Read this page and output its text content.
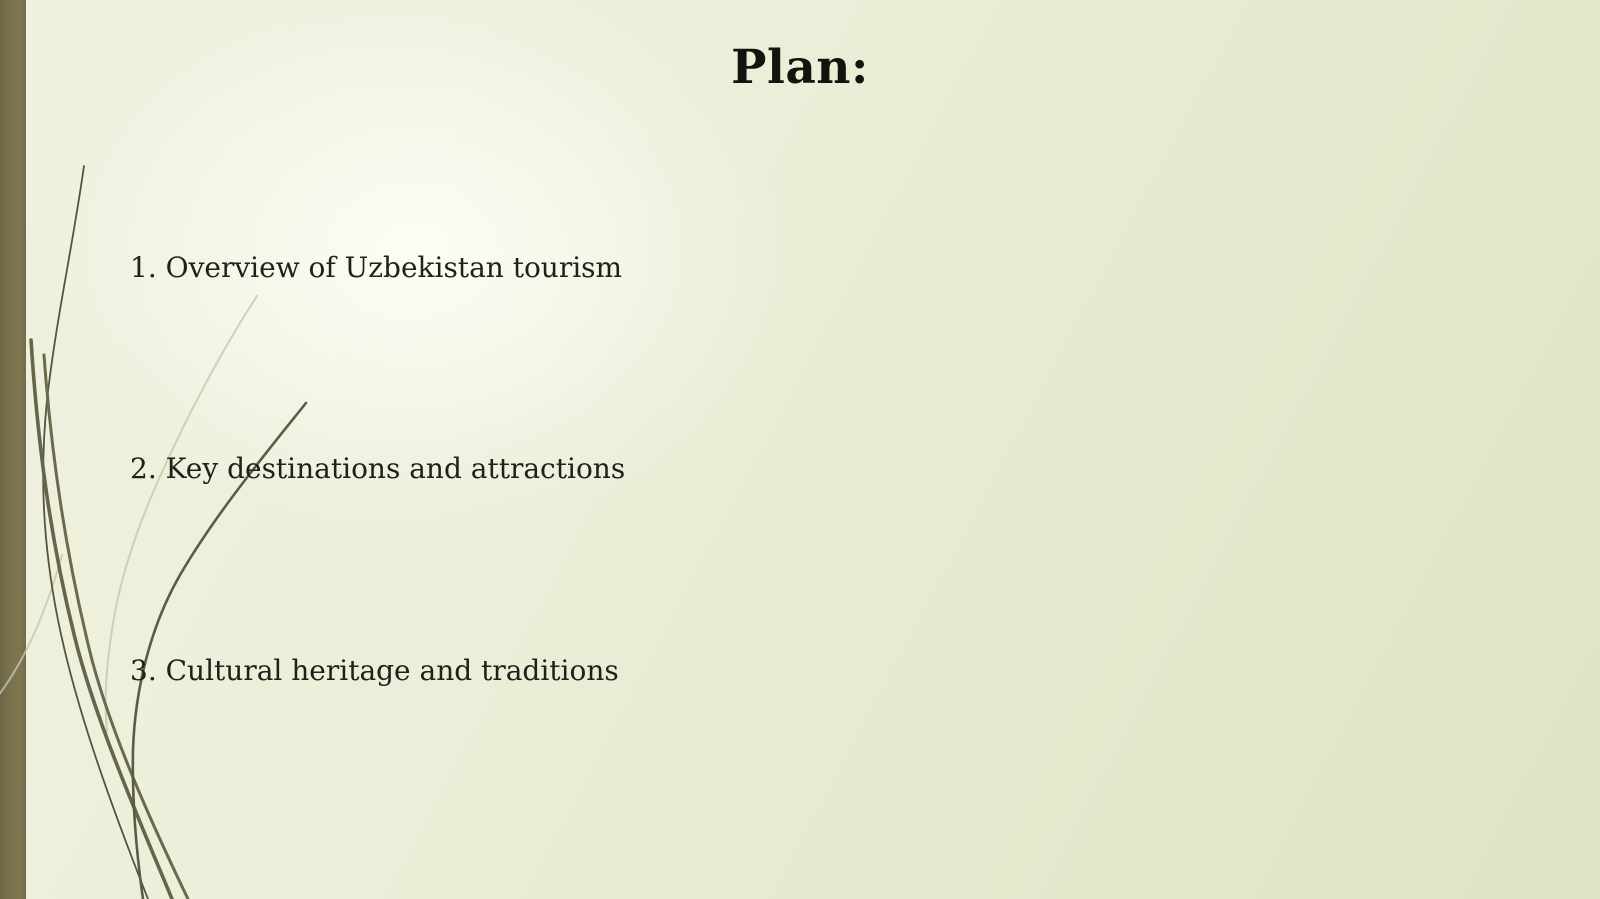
Plan:
1. Overview of Uzbekistan tourism
2. Key destinations and attractions
3. Cultural heritage and traditions
